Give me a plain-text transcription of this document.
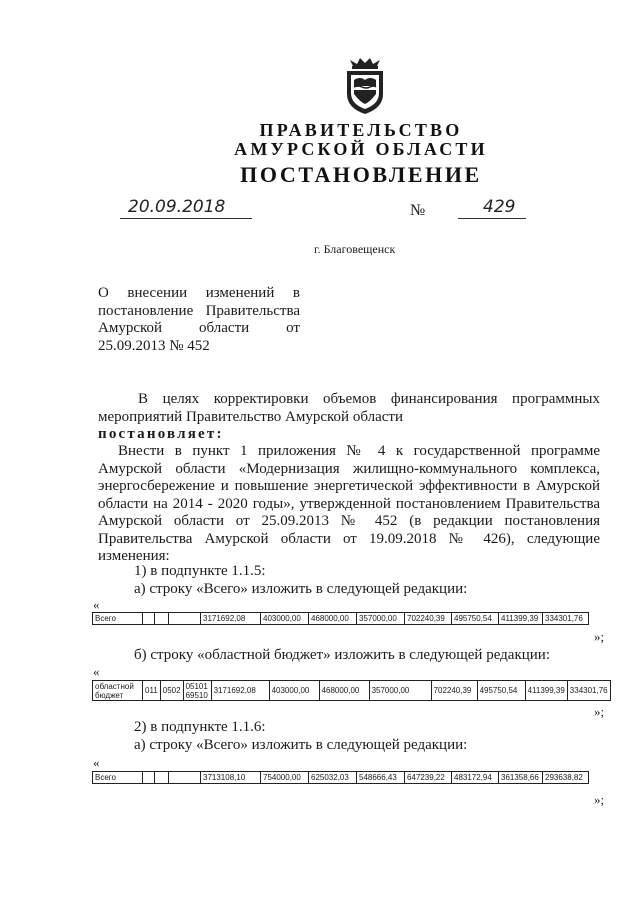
ПРАВИТЕЛЬСТВО
АМУРСКОЙ ОБЛАСТИ
ПОСТАНОВЛЕНИЕ
20.09.2018	№	429
г. Благовещенск
О внесении изменений в
постановление Правительства
Амурской области от
25.09.2013 № 452
В целях корректировки объемов финансирования программных мероприятий Правительство Амурской области
постановляет:
Внести в пункт 1 приложения № 4 к государственной программе Амурской области «Модернизация жилищно-коммунального комплекса, энергосбережение и повышение энергетической эффективности в Амурской области на 2014 - 2020 годы», утвержденной постановлением Правительства Амурской области от 25.09.2013 № 452 (в редакции постановления Правительства Амурской области от 19.09.2018 № 426), следующие изменения:
1) в подпункте 1.1.5:
а) строку «Всего» изложить в следующей редакции:
«
Всего				3171692,08	403000,00	468000,00	357000,00	702240,39	495750,54	411399,39	334301,76
»;
б) строку «областной бюджет» изложить в следующей редакции:
«
областной бюджет	011	0502	05101 69510	3171692,08	403000,00	468000,00	357000,00	702240,39	495750,54	411399,39	334301,76
»;
2) в подпункте 1.1.6:
а) строку «Всего» изложить в следующей редакции:
«
Всего				3713108,10	754000,00	625032,03	548666,43	647239,22	483172,94	361358,66	293638,82
»;
